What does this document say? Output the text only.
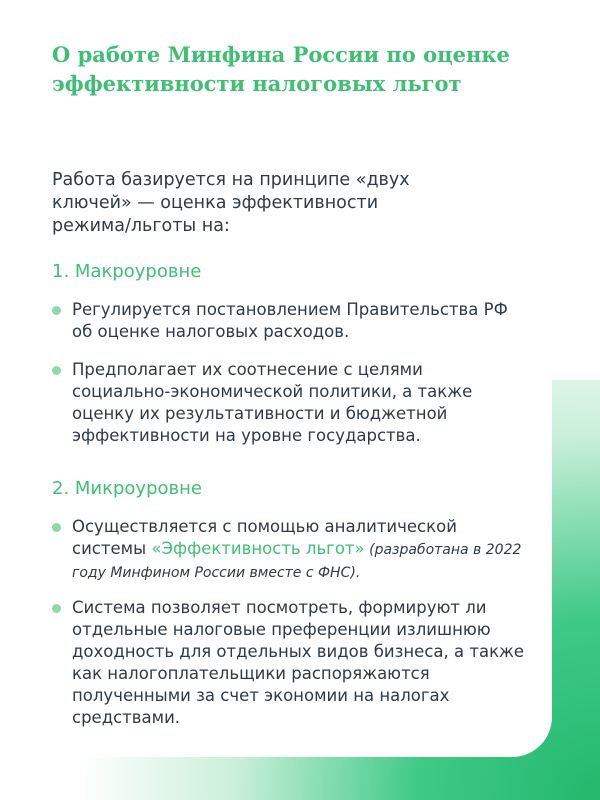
О работе Минфина России по оценке эффективности налоговых льгот

Работа базируется на принципе «двух ключей» — оценка эффективности режима/льготы на:

1. Макроуровне
Регулируется постановлением Правительства РФ об оценке налоговых расходов.
Предполагает их соотнесение с целями социально-экономической политики, а также оценку их результативности и бюджетной эффективности на уровне государства.
2. Микроуровне
Осуществляется с помощью аналитической системы «Эффективность льгот» (разработана в 2022 году Минфином России вместе с ФНС).
Система позволяет посмотреть, формируют ли отдельные налоговые преференции излишнюю доходность для отдельных видов бизнеса, а также как налогоплательщики распоряжаются полученными за счет экономии на налогах средствами.
